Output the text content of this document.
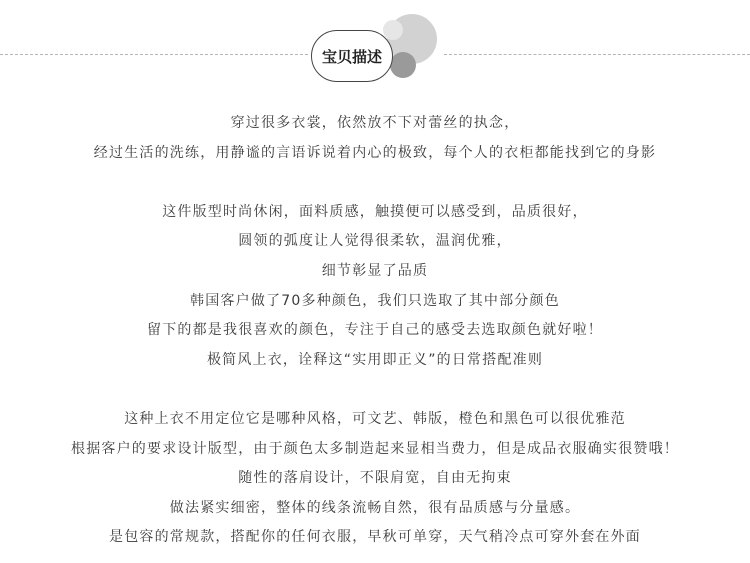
宝贝描述
穿过很多衣裳，依然放不下对蕾丝的执念，
经过生活的洗练，用静谧的言语诉说着内心的极致，每个人的衣柜都能找到它的身影
这件版型时尚休闲，面料质感，触摸便可以感受到，品质很好，
圆领的弧度让人觉得很柔软，温润优雅，
细节彰显了品质
韩国客户做了70多种颜色，我们只选取了其中部分颜色
留下的都是我很喜欢的颜色，专注于自己的感受去选取颜色就好啦！
极简风上衣，诠释这“实用即正义”的日常搭配准则
这种上衣不用定位它是哪种风格，可文艺、韩版，橙色和黑色可以很优雅范
根据客户的要求设计版型，由于颜色太多制造起来显相当费力，但是成品衣服确实很赞哦！
随性的落肩设计，不限肩宽，自由无拘束
做法紧实细密，整体的线条流畅自然，很有品质感与分量感。
是包容的常规款，搭配你的任何衣服，早秋可单穿，天气稍冷点可穿外套在外面
